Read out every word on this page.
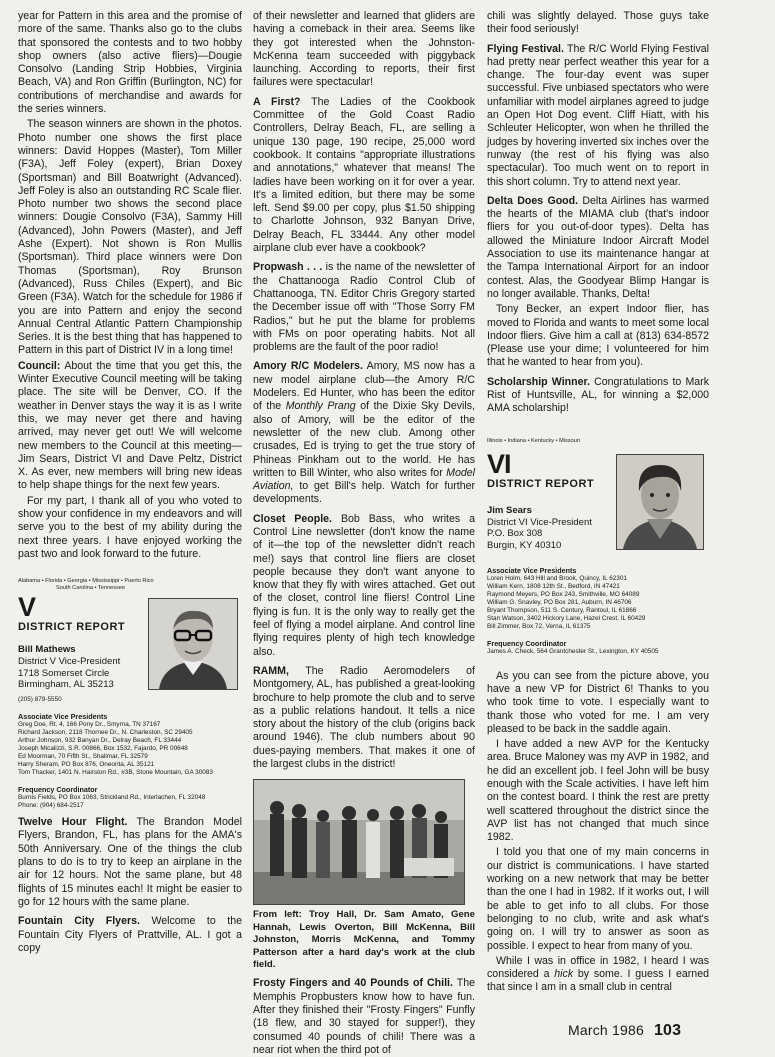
year for Pattern in this area and the promise of more of the same. Thanks also go to the clubs that sponsored the contests and to two hobby shop owners (also active fliers)—Dougie Consolvo (Landing Strip Hobbies, Virginia Beach, VA) and Ron Griffin (Burlington, NC) for contributions of merchandise and awards for the series winners.

The season winners are shown in the photos. Photo number one shows the first place winners: David Hoppes (Master), Tom Miller (F3A), Jeff Foley (expert), Brian Doxey (Sportsman) and Bill Boatwright (Advanced). Jeff Foley is also an outstanding RC Scale flier. Photo number two shows the second place winners: Dougie Consolvo (F3A), Sammy Hill (Advanced), John Powers (Master), and Jeff Ashe (Expert). Not shown is Ron Mullis (Sportsman). Third place winners were Don Thomas (Sportsman), Roy Brunson (Advanced), Russ Chiles (Expert), and Bic Green (F3A). Watch for the schedule for 1986 if you are into Pattern and enjoy the second Annual Central Atlantic Pattern Championship Series. It is the best thing that has happened to Pattern in this part of District IV in a long time!

Council: About the time that you get this, the Winter Executive Council meeting will be taking place. The site will be Denver, CO. If the weather in Denver stays the way it is as I write this, we may never get there and having arrived, may never get out! We will welcome new members to the Council at this meeting—Jim Sears, District VI and Dave Peltz, District X. As ever, new members will bring new ideas to help shape things for the next few years.

For my part, I thank all of you who voted to show your confidence in my endeavors and will serve you to the best of my ability during the next three years. I have enjoyed working the past two and look forward to the future.

Alabama • Florida • Georgia • Mississippi • Puerto Rico
South Carolina • Tennessee
V
DISTRICT REPORT
Bill Mathews
District V Vice-President
1718 Somerset Circle
Birmingham, AL 35213
(205) 879-5550
Associate Vice Presidents
Greg Doe, Rt. 4, 166 Pony Dr., Smyrna, TN 37167
Richard Jackson, 2118 Thornee Dr., N. Charleston, SC 29405
Arthur Johnson, 932 Banyan Dr., Delray Beach, FL 33444
Joseph Micalizzi, S.R. 00866, Box 1532, Fajardo, PR 00648
Ed Moorman, 70 Fifth St., Shalimar, FL 32579
Harry Sheram, PO Box 876, Oneonta, AL 35121
Tom Thacker, 1401 N. Hairston Rd., #3B, Stone Mountain, GA 30083
Frequency Coordinator
Burnis Fields, PO Box 1063, Strickland Rd., Interlachen, FL 32048
Phone: (904) 684-2517

Twelve Hour Flight. The Brandon Model Flyers, Brandon, FL, has plans for the AMA's 50th Anniversary. One of the things the club plans to do is to try to keep an airplane in the air for 12 hours. Not the same plane, but 48 flights of 15 minutes each! It might be easier to go for 12 hours with the same plane.

Fountain City Flyers. Welcome to the Fountain City Flyers of Prattville, AL. I got a copy

of their newsletter and learned that gliders are having a comeback in their area. Seems like they got interested when the Johnston-McKenna team succeeded with piggyback launching. According to reports, their first failures were spectacular!

A First? The Ladies of the Cookbook Committee of the Gold Coast Radio Controllers, Delray Beach, FL, are selling a unique 130 page, 190 recipe, 25,000 word cookbook. It contains "appropriate illustrations and annotations," whatever that means! The ladies have been working on it for over a year. It's a limited edition, but there may be some left. Send $9.00 per copy, plus $1.50 shipping to Charlotte Johnson, 932 Banyan Drive, Delray Beach, FL 33444. Any other model airplane club ever have a cookbook?

Propwash . . . is the name of the newsletter of the Chattanooga Radio Control Club of Chattanooga, TN. Editor Chris Gregory started the December issue off with "Those Sorry FM Radios," but he put the blame for problems with FMs on poor operating habits. Not all problems are the fault of the poor radio!

Amory R/C Modelers. Amory, MS now has a new model airplane club—the Amory R/C Modelers. Ed Hunter, who has been the editor of the Monthly Prang of the Dixie Sky Devils, also of Amory, will be the editor of the newsletter of the new club. Among other crusades, Ed is trying to get the true story of Phineas Pinkham out to the world. He has written to Bill Winter, who also writes for Model Aviation, to get Bill's help. Watch for further developments.

Closet People. Bob Bass, who writes a Control Line newsletter (don't know the name of it—the top of the newsletter didn't reach me!) says that control line fliers are closet people because they don't want anyone to know that they fly with wires attached. Get out of the closet, control line fliers! Control Line flying is fun. It is the only way to really get the feel of flying a model airplane. And control line flying requires plenty of high tech knowledge also.

RAMM, The Radio Aeromodelers of Montgomery, AL, has published a great-looking brochure to help promote the club and to serve as a public relations handout. It tells a nice story about the history of the club (origins back around 1946). The club numbers about 90 dues-paying members. That makes it one of the largest clubs in the district!

From left: Troy Hall, Dr. Sam Amato, Gene Hannah, Lewis Overton, Bill McKenna, Bill Johnston, Morris McKenna, and Tommy Patterson after a hard day's work at the club field.

Frosty Fingers and 40 Pounds of Chili. The Memphis Propbusters know how to have fun. After they finished their "Frosty Fingers" Funfly (18 flew, and 30 stayed for supper!), they consumed 40 pounds of chili! There was a near riot when the third pot of

chili was slightly delayed. Those guys take their food seriously!

Flying Festival. The R/C World Flying Festival had pretty near perfect weather this year for a change. The four-day event was super successful. Five unbiased spectators who were unfamiliar with model airplanes agreed to judge an Open Hot Dog event. Cliff Hiatt, with his Schleuter Helicopter, won when he thrilled the judges by hovering inverted six inches over the runway (the rest of his flying was also spectacular). Too much went on to report in this short column. Try to attend next year.

Delta Does Good. Delta Airlines has warmed the hearts of the MIAMA club (that's indoor fliers for you out-of-door types). Delta has allowed the Miniature Indoor Aircraft Model Association to use its maintenance hangar at the Tampa International Airport for an indoor contest. Alas, the Goodyear Blimp Hangar is no longer available. Thanks, Delta!

Tony Becker, an expert Indoor flier, has moved to Florida and wants to meet some local Indoor fliers. Give him a call at (813) 634-8572 (Please use your dime; I volunteered for him that he wanted to hear from you).

Scholarship Winner. Congratulations to Mark Rist of Huntsville, AL, for winning a $2,000 AMA scholarship!

Illinois • Indiana • Kentucky • Missouri
VI
DISTRICT REPORT
Jim Sears
District VI Vice-President
P.O. Box 308
Burgin, KY 40310
Associate Vice Presidents
Loren Holm, 643 Hill and Brook, Quincy, IL 62301
William Kern, 1808 12th St., Bedford, IN 47421
Raymond Meyers, PO Box 243, Smithville, MO 64089
William G. Snavley, PO Box 281, Auburn, IN 46706
Bryant Thompson, 511 S. Century, Rantoul, IL 61866
Stan Watson, 3402 Hickory Lane, Hazel Crest, IL 60429
Bill Zimmer, Box 72, Verna, IL 61375
Frequency Coordinator
James A. Check, 564 Grantchester St., Lexington, KY 40505

As you can see from the picture above, you have a new VP for District 6! Thanks to you who took time to vote. I especially want to thank those who voted for me. I am very pleased to be back in the saddle again.

I have added a new AVP for the Kentucky area. Bruce Maloney was my AVP in 1982, and he did an excellent job. I feel John will be busy enough with the Scale activities. I have left him on the contest board. I think the rest are pretty well scattered throughout the district since the AVP list has not changed that much since 1982.

I told you that one of my main concerns in our district is communications. I have started working on a new network that may be better than the one I had in 1982. If it works out, I will be able to get info to all clubs. For those belonging to no club, write and ask what's going on. I will try to answer as soon as possible. I expect to hear from many of you.

While I was in office in 1982, I heard I was considered a hick by some. I guess I earned that since I am in a small club in central

March 1986 103
